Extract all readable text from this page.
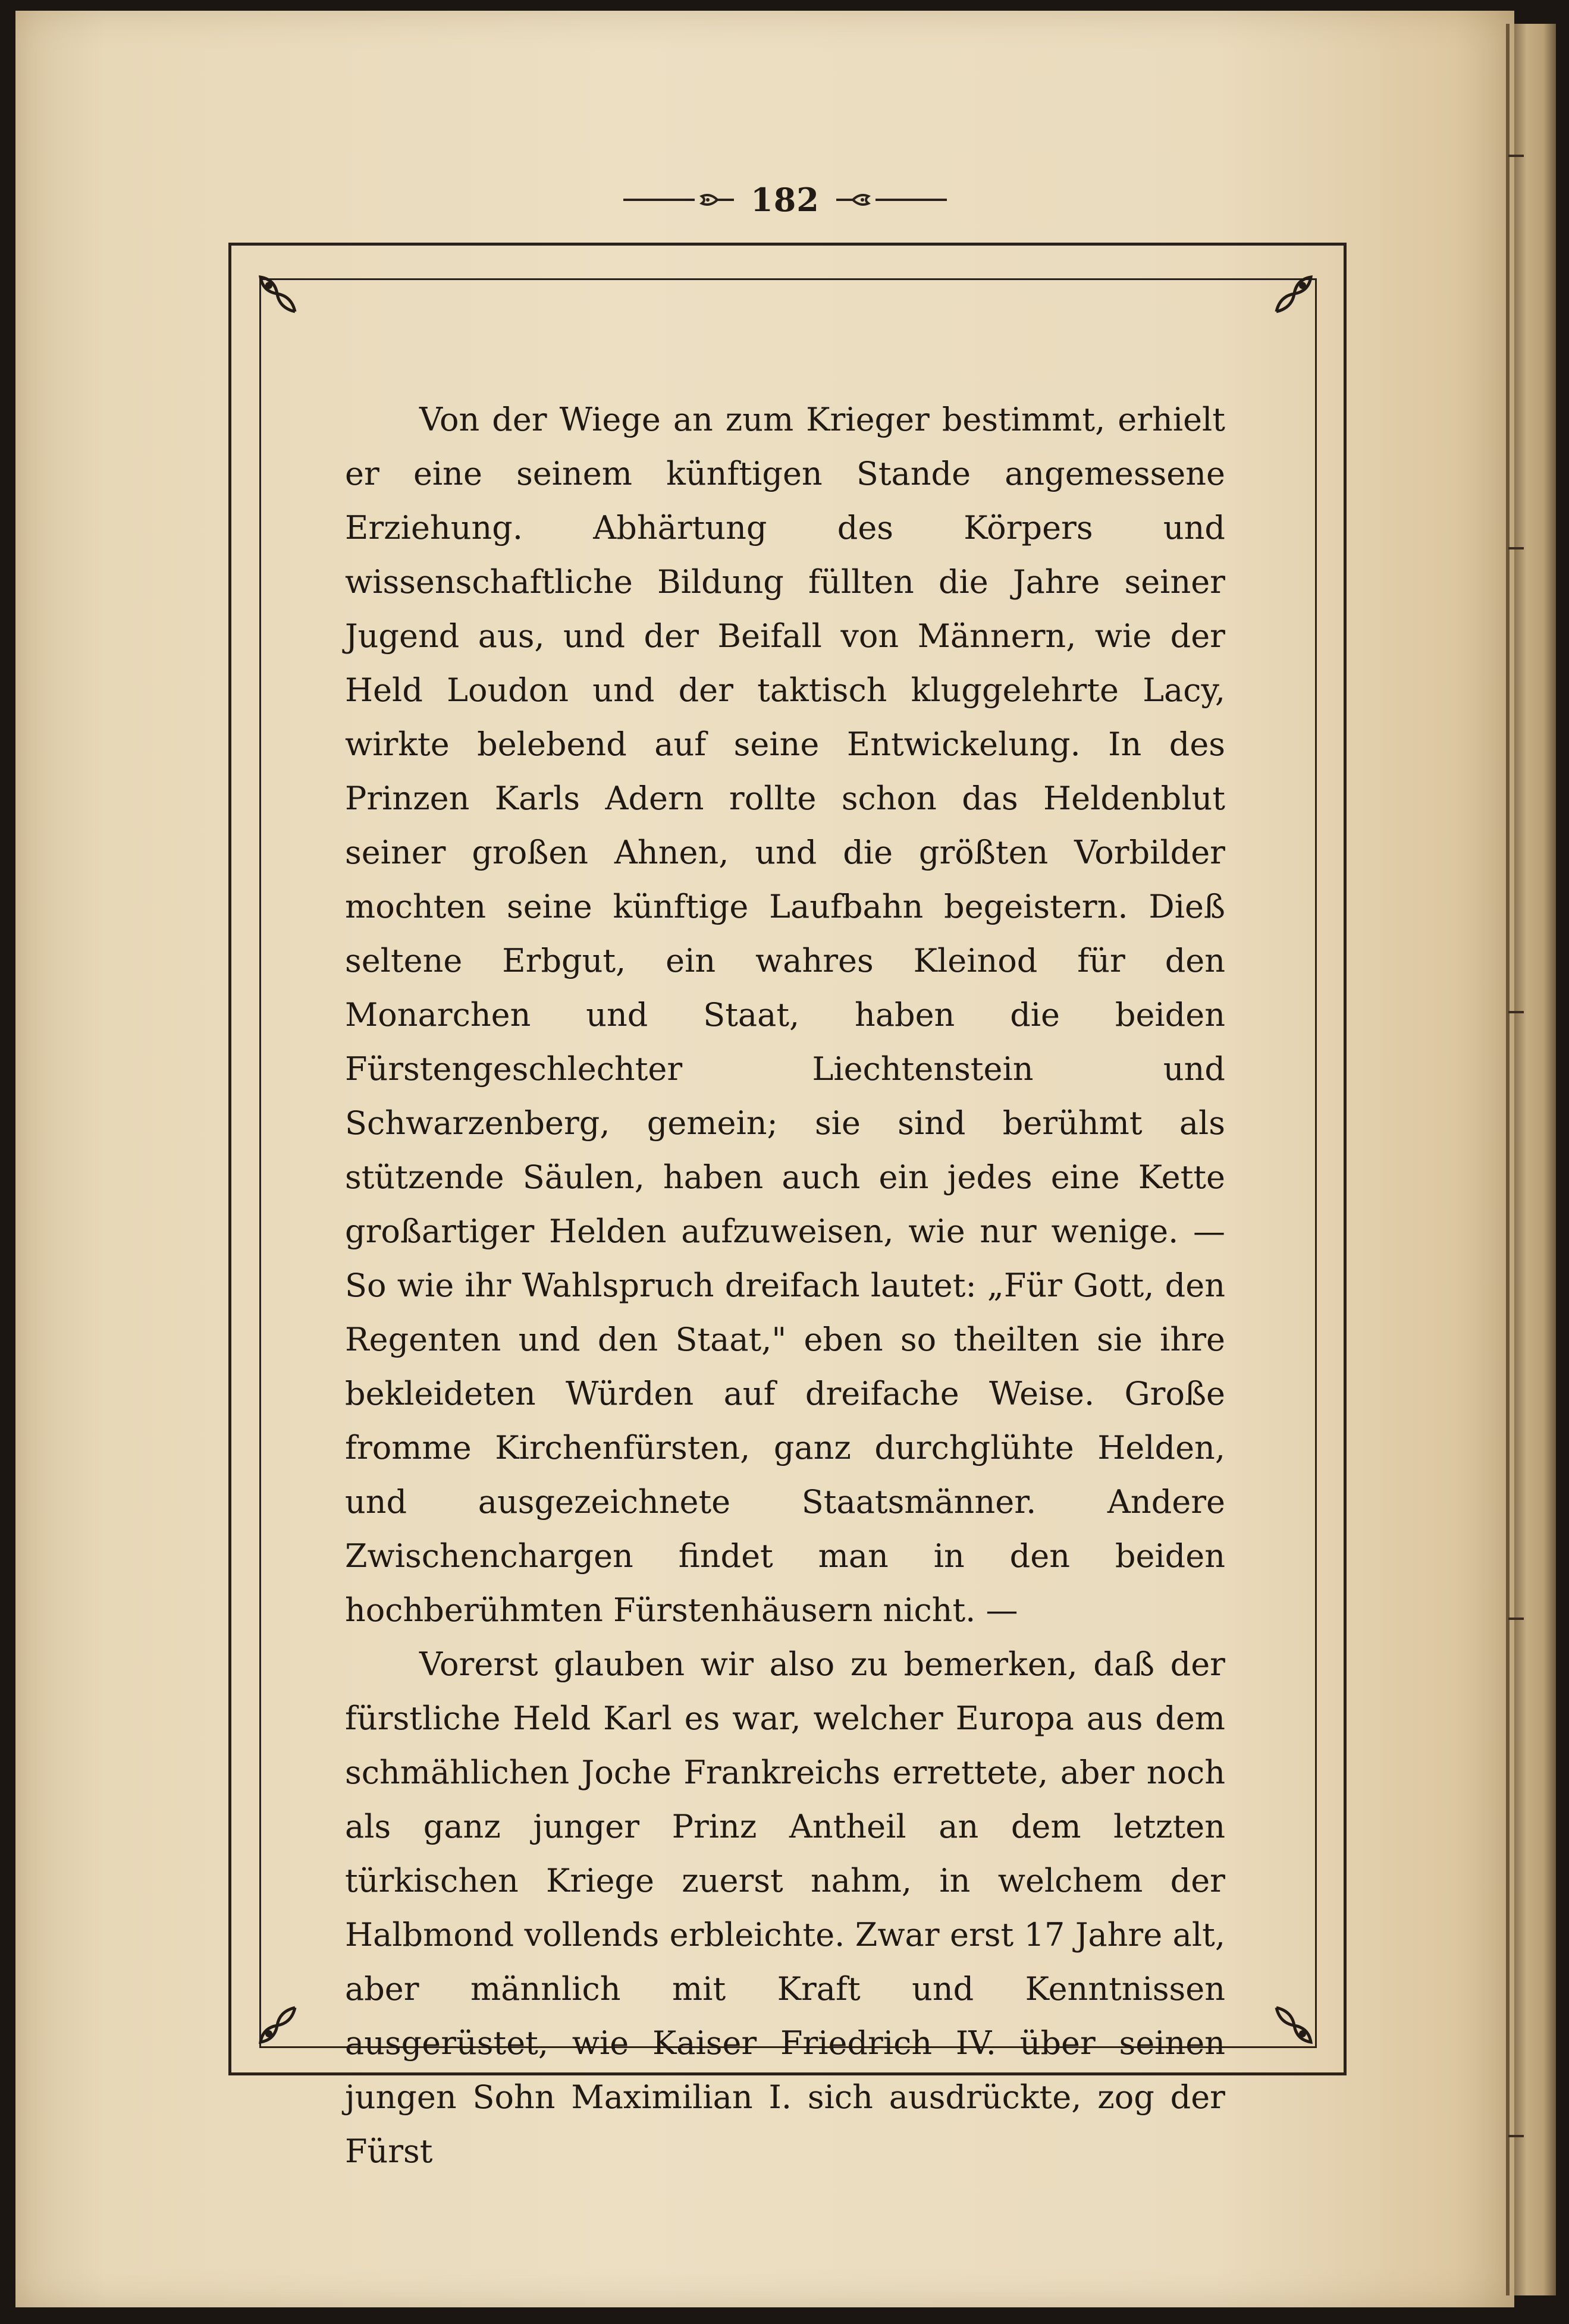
182

Von der Wiege an zum Krieger bestimmt, erhielt er eine seinem künftigen Stande angemessene Erziehung. Abhärtung des Körpers und wissenschaftliche Bildung füllten die Jahre seiner Jugend aus, und der Beifall von Männern, wie der Held Loudon und der taktisch kluggelehrte Lacy, wirkte belebend auf seine Entwickelung. In des Prinzen Karls Adern rollte schon das Heldenblut seiner großen Ahnen, und die größten Vorbilder mochten seine künftige Laufbahn begeistern. Dieß seltene Erbgut, ein wahres Kleinod für den Monarchen und Staat, haben die beiden Fürstengeschlechter Liechtenstein und Schwarzenberg, gemein; sie sind berühmt als stützende Säulen, haben auch ein jedes eine Kette großartiger Helden aufzuweisen, wie nur wenige. — So wie ihr Wahlspruch dreifach lautet: „Für Gott, den Regenten und den Staat," eben so theilten sie ihre bekleideten Würden auf dreifache Weise. Große fromme Kirchenfürsten, ganz durchglühte Helden, und ausgezeichnete Staatsmänner. Andere Zwischenchargen findet man in den beiden hochberühmten Fürstenhäusern nicht. —

Vorerst glauben wir also zu bemerken, daß der fürstliche Held Karl es war, welcher Europa aus dem schmählichen Joche Frankreichs errettete, aber noch als ganz junger Prinz Antheil an dem letzten türkischen Kriege zuerst nahm, in welchem der Halbmond vollends erbleichte. Zwar erst 17 Jahre alt, aber männlich mit Kraft und Kenntnissen ausgerüstet, wie Kaiser Friedrich IV. über seinen jungen Sohn Maximilian I. sich ausdrückte, zog der Fürst
